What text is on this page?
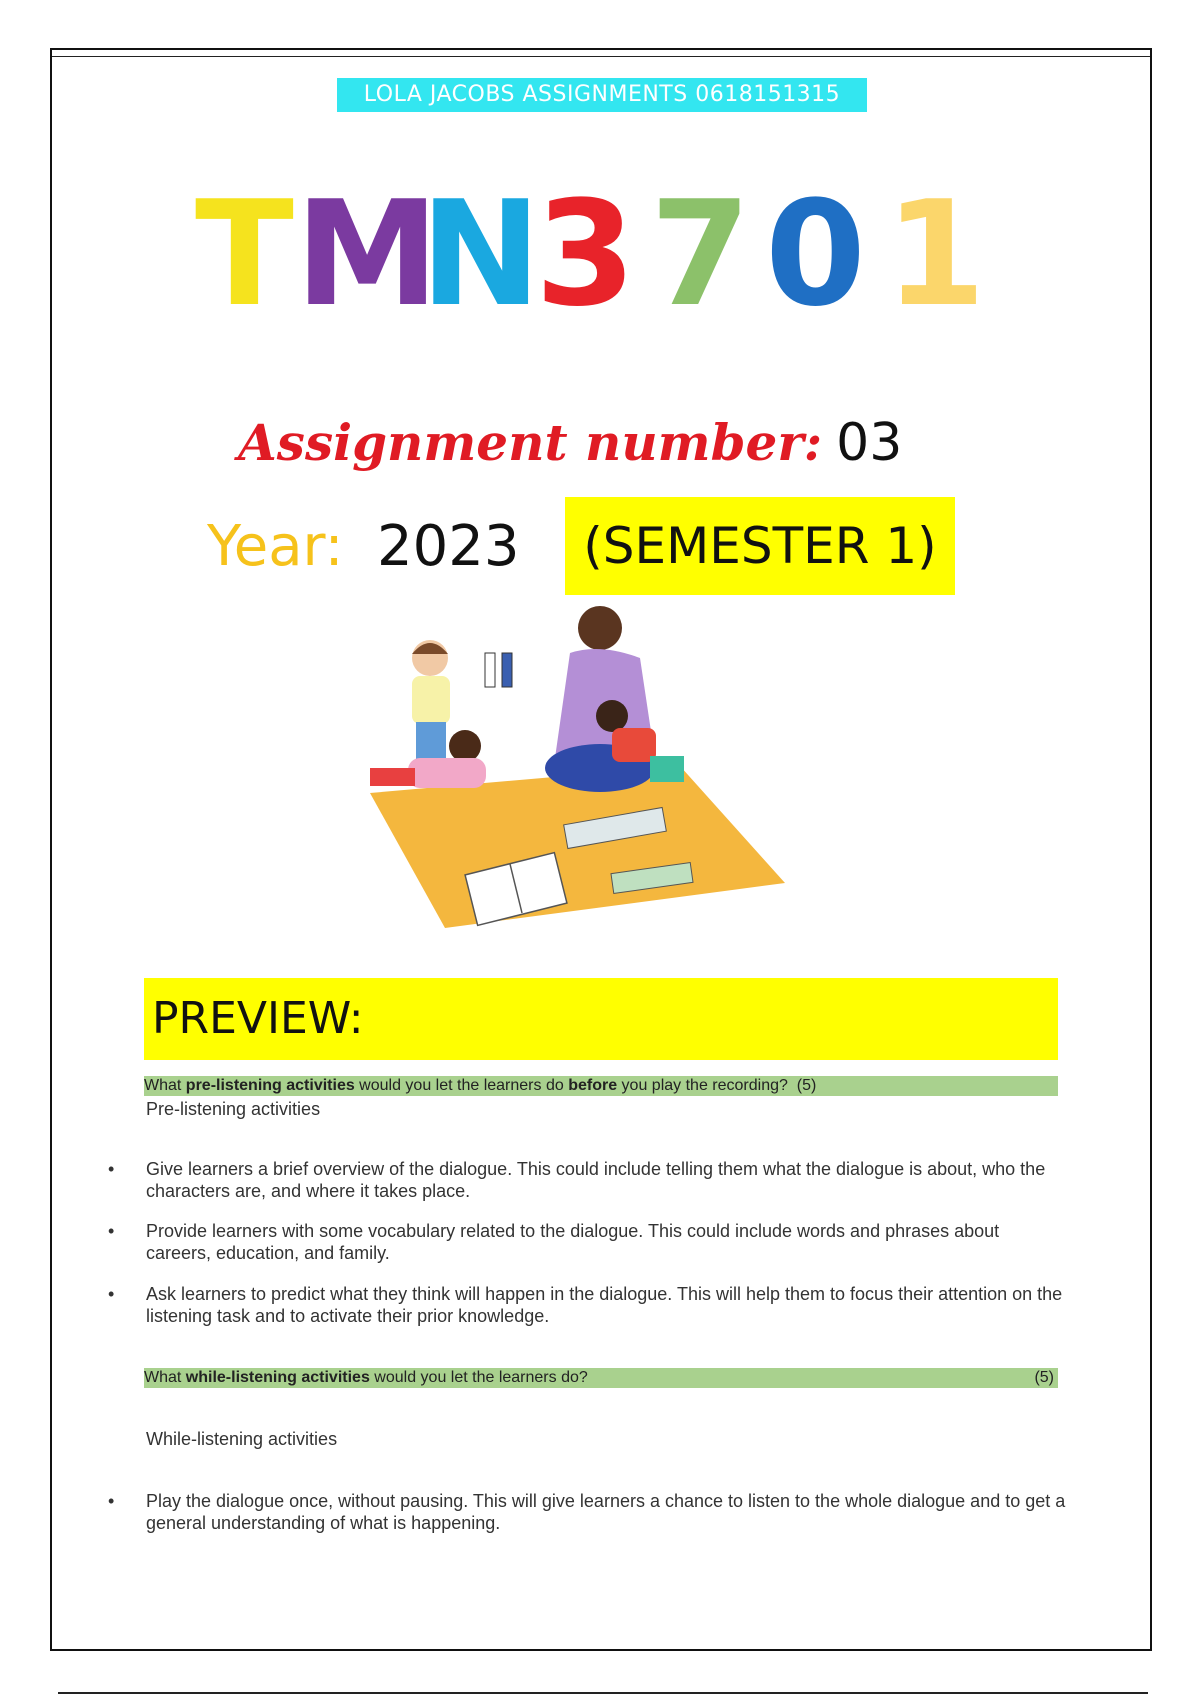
LOLA JACOBS ASSIGNMENTS 0618151315
T M
N
3 7 0 1
Assignment number: 03
Year: 2023	(SEMESTER 1)
PREVIEW:
What pre-listening activities would you let the learners do before you play the recording? (5)
Pre-listening activities
• Give learners a brief overview of the dialogue. This could include telling them what the dialogue is about, who the characters are, and where it takes place.
• Provide learners with some vocabulary related to the dialogue. This could include words and phrases about careers, education, and family.
• Ask learners to predict what they think will happen in the dialogue. This will help them to focus their attention on the listening task and to activate their prior knowledge.
What while-listening activities would you let the learners do?	(5)
While-listening activities
• Play the dialogue once, without pausing. This will give learners a chance to listen to the whole dialogue and to get a general understanding of what is happening.
